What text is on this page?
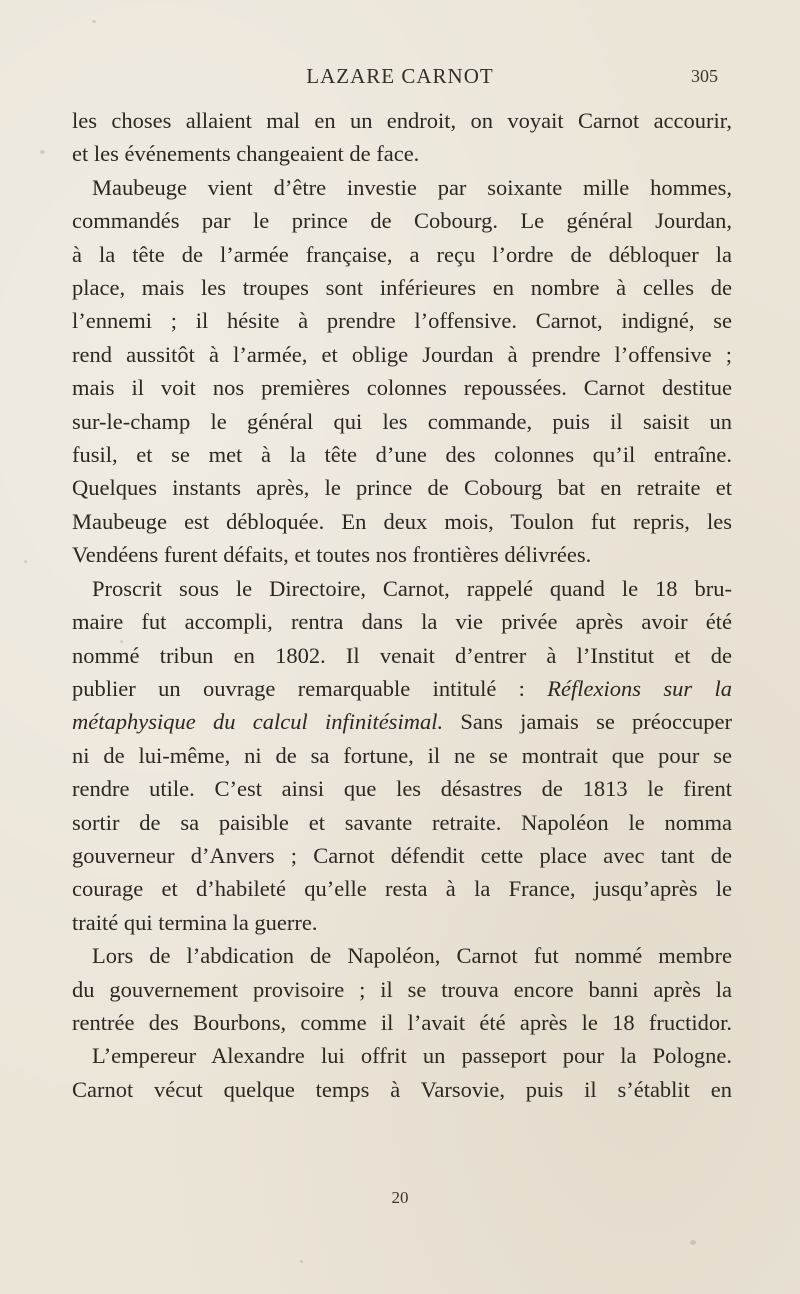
LAZARE CARNOT	305
les choses allaient mal en un endroit, on voyait Carnot accourir,
et les événements changeaient de face.
Maubeuge vient d’être investie par soixante mille hommes,
commandés par le prince de Cobourg. Le général Jourdan,
à la tête de l’armée française, a reçu l’ordre de débloquer la
place, mais les troupes sont inférieures en nombre à celles de
l’ennemi ; il hésite à prendre l’offensive. Carnot, indigné, se
rend aussitôt à l’armée, et oblige Jourdan à prendre l’offensive ;
mais il voit nos premières colonnes repoussées. Carnot destitue
sur-le-champ le général qui les commande, puis il saisit un
fusil, et se met à la tête d’une des colonnes qu’il entraîne.
Quelques instants après, le prince de Cobourg bat en retraite et
Maubeuge est débloquée. En deux mois, Toulon fut repris, les
Vendéens furent défaits, et toutes nos frontières délivrées.
Proscrit sous le Directoire, Carnot, rappelé quand le 18 bru-
maire fut accompli, rentra dans la vie privée après avoir été
nommé tribun en 1802. Il venait d’entrer à l’Institut et de
publier un ouvrage remarquable intitulé : Réflexions sur la
métaphysique du calcul infinitésimal. Sans jamais se préoccuper
ni de lui-même, ni de sa fortune, il ne se montrait que pour se
rendre utile. C’est ainsi que les désastres de 1813 le firent
sortir de sa paisible et savante retraite. Napoléon le nomma
gouverneur d’Anvers ; Carnot défendit cette place avec tant de
courage et d’habileté qu’elle resta à la France, jusqu’après le
traité qui termina la guerre.
Lors de l’abdication de Napoléon, Carnot fut nommé membre
du gouvernement provisoire ; il se trouva encore banni après la
rentrée des Bourbons, comme il l’avait été après le 18 fructidor.
L’empereur Alexandre lui offrit un passeport pour la Pologne.
Carnot vécut quelque temps à Varsovie, puis il s’établit en
20
